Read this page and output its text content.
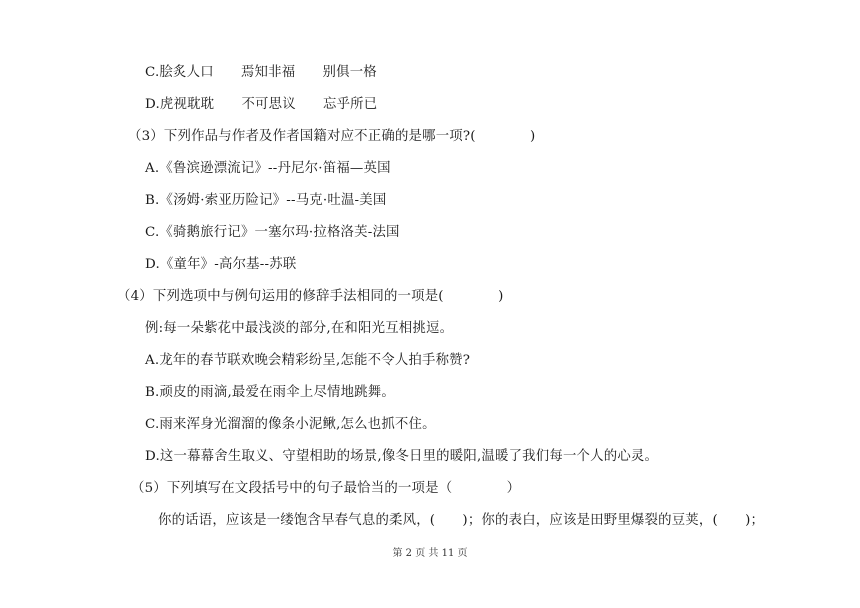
C.脍炙人口　　焉知非福　　别俱一格
D.虎视耽耽　　不可思议　　忘乎所已
（3）下列作品与作者及作者国籍对应不正确的是哪一项?(　　　　)
A.《鲁滨逊漂流记》--丹尼尔·笛福—英国
B.《汤姆·索亚历险记》--马克·吐温-美国
C.《骑鹅旅行记》一塞尔玛·拉格洛芙-法国
D.《童年》-高尔基--苏联
（4）下列选项中与例句运用的修辞手法相同的一项是(　　　　)
例:每一朵紫花中最浅淡的部分,在和阳光互相挑逗。
A.龙年的春节联欢晚会精彩纷呈,怎能不令人拍手称赞?
B.顽皮的雨滴,最爱在雨伞上尽情地跳舞。
C.雨来浑身光溜溜的像条小泥鳅,怎么也抓不住。
D.这一幕幕舍生取义、守望相助的场景,像冬日里的暖阳,温暖了我们每一个人的心灵。
（5）下列填写在文段括号中的句子最恰当的一项是（　　　　）
你的话语，应该是一缕饱含早春气息的柔风，(　　)；你的表白，应该是田野里爆裂的豆荚，(　　)；
第 2 页 共 11 页
